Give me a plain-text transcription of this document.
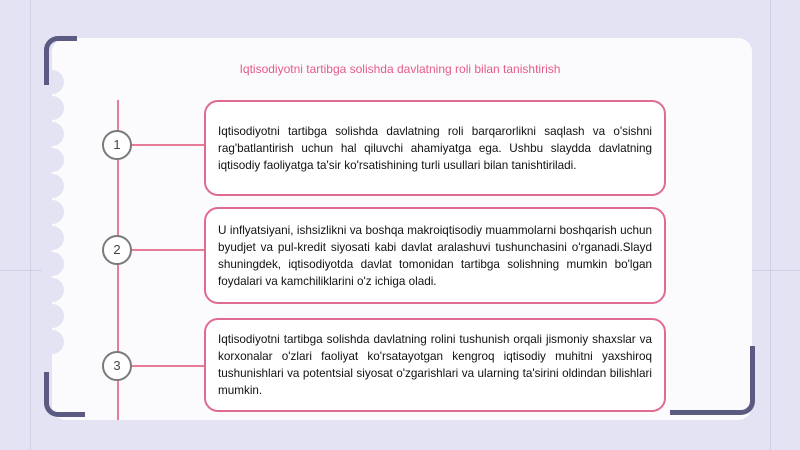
Iqtisodiyotni tartibga solishda davlatning roli bilan tanishtirish
1

Iqtisodiyotni tartibga solishda davlatning roli barqarorlikni saqlash va o'sishni rag'batlantirish uchun hal qiluvchi ahamiyatga ega. Ushbu slaydda davlatning iqtisodiy faoliyatga ta'sir ko'rsatishining turli usullari bilan tanishtiriladi.

2

U inflyatsiyani, ishsizlikni va boshqa makroiqtisodiy muammolarni boshqarish uchun byudjet va pul-kredit siyosati kabi davlat aralashuvi tushunchasini o'rganadi.Slayd shuningdek, iqtisodiyotda davlat tomonidan tartibga solishning mumkin bo'lgan foydalari va kamchiliklarini o'z ichiga oladi.

3

Iqtisodiyotni tartibga solishda davlatning rolini tushunish orqali jismoniy shaxslar va korxonalar o'zlari faoliyat ko'rsatayotgan kengroq iqtisodiy muhitni yaxshiroq tushunishlari va potentsial siyosat o'zgarishlari va ularning ta'sirini oldindan bilishlari mumkin.
